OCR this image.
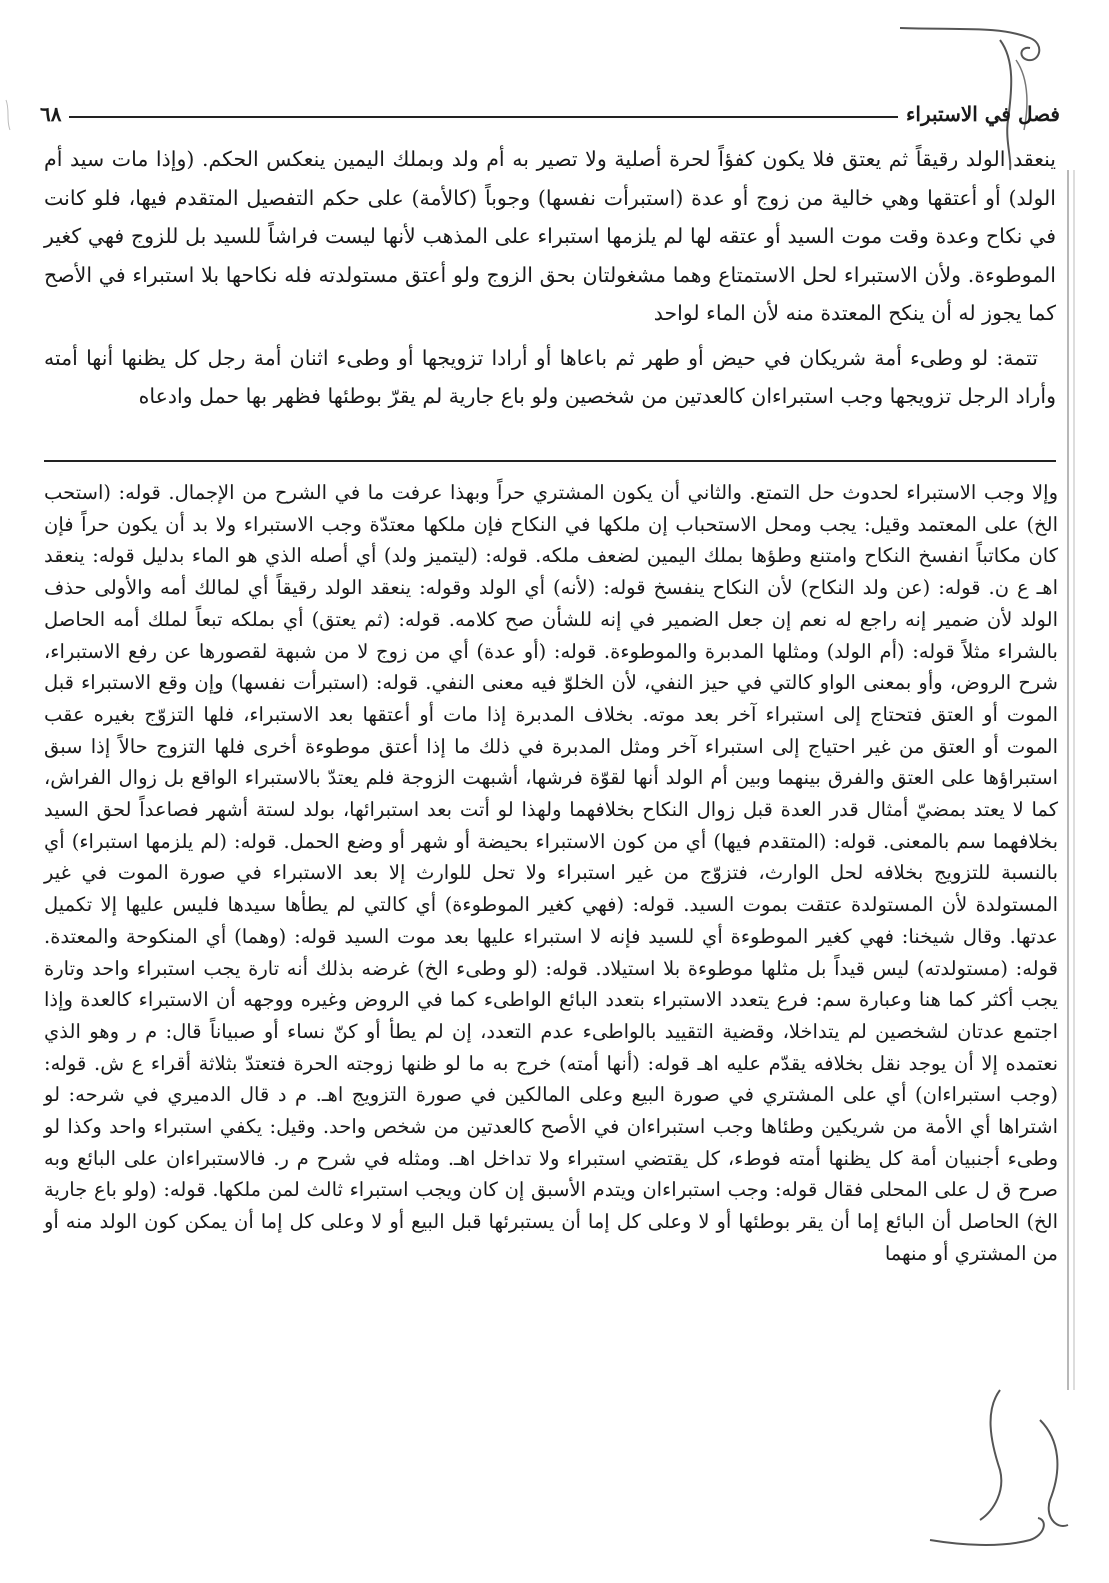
٦٨	فصل في الاستبراء

ينعقد الولد رقيقاً ثم يعتق فلا يكون كفؤاً لحرة أصلية ولا تصير به أم ولد وبملك اليمين ينعكس الحكم. (وإذا مات سيد أم الولد) أو أعتقها وهي خالية من زوج أو عدة (استبرأت نفسها) وجوباً (كالأمة) على حكم التفصيل المتقدم فيها، فلو كانت في نكاح وعدة وقت موت السيد أو عتقه لها لم يلزمها استبراء على المذهب لأنها ليست فراشاً للسيد بل للزوج فهي كغير الموطوءة. ولأن الاستبراء لحل الاستمتاع وهما مشغولتان بحق الزوج ولو أعتق مستولدته فله نكاحها بلا استبراء في الأصح كما يجوز له أن ينكح المعتدة منه لأن الماء لواحد

تتمة: لو وطىء أمة شريكان في حيض أو طهر ثم باعاها أو أرادا تزويجها أو وطىء اثنان أمة رجل كل يظنها أنها أمته وأراد الرجل تزويجها وجب استبراءان كالعدتين من شخصين ولو باع جارية لم يقرّ بوطئها فظهر بها حمل وادعاه

وإلا وجب الاستبراء لحدوث حل التمتع. والثاني أن يكون المشتري حراً وبهذا عرفت ما في الشرح من الإجمال. قوله: (استحب الخ) على المعتمد وقيل: يجب ومحل الاستحباب إن ملكها في النكاح فإن ملكها معتدّة وجب الاستبراء ولا بد أن يكون حراً فإن كان مكاتباً انفسخ النكاح وامتنع وطؤها بملك اليمين لضعف ملكه. قوله: (ليتميز ولد) أي أصله الذي هو الماء بدليل قوله: ينعقد اهـ ع ن. قوله: (عن ولد النكاح) لأن النكاح ينفسخ قوله: (لأنه) أي الولد وقوله: ينعقد الولد رقيقاً أي لمالك أمه والأولى حذف الولد لأن ضمير إنه راجع له نعم إن جعل الضمير في إنه للشأن صح كلامه. قوله: (ثم يعتق) أي بملكه تبعاً لملك أمه الحاصل بالشراء مثلاً قوله: (أم الولد) ومثلها المدبرة والموطوءة. قوله: (أو عدة) أي من زوج لا من شبهة لقصورها عن رفع الاستبراء، شرح الروض، وأو بمعنى الواو كالتي في حيز النفي، لأن الخلوّ فيه معنى النفي. قوله: (استبرأت نفسها) وإن وقع الاستبراء قبل الموت أو العتق فتحتاج إلى استبراء آخر بعد موته. بخلاف المدبرة إذا مات أو أعتقها بعد الاستبراء، فلها التزوّج بغيره عقب الموت أو العتق من غير احتياج إلى استبراء آخر ومثل المدبرة في ذلك ما إذا أعتق موطوءة أخرى فلها التزوج حالاً إذا سبق استبراؤها على العتق والفرق بينهما وبين أم الولد أنها لقوّة فرشها، أشبهت الزوجة فلم يعتدّ بالاستبراء الواقع بل زوال الفراش، كما لا يعتد بمضيّ أمثال قدر العدة قبل زوال النكاح بخلافهما ولهذا لو أتت بعد استبرائها، بولد لستة أشهر فصاعداً لحق السيد بخلافهما سم بالمعنى. قوله: (المتقدم فيها) أي من كون الاستبراء بحيضة أو شهر أو وضع الحمل. قوله: (لم يلزمها استبراء) أي بالنسبة للتزويج بخلافه لحل الوارث، فتزوّج من غير استبراء ولا تحل للوارث إلا بعد الاستبراء في صورة الموت في غير المستولدة لأن المستولدة عتقت بموت السيد. قوله: (فهي كغير الموطوءة) أي كالتي لم يطأها سيدها فليس عليها إلا تكميل عدتها. وقال شيخنا: فهي كغير الموطوءة أي للسيد فإنه لا استبراء عليها بعد موت السيد قوله: (وهما) أي المنكوحة والمعتدة. قوله: (مستولدته) ليس قيداً بل مثلها موطوءة بلا استيلاد. قوله: (لو وطىء الخ) غرضه بذلك أنه تارة يجب استبراء واحد وتارة يجب أكثر كما هنا وعبارة سم: فرع يتعدد الاستبراء بتعدد البائع الواطىء كما في الروض وغيره ووجهه أن الاستبراء كالعدة وإذا اجتمع عدتان لشخصين لم يتداخلا، وقضية التقييد بالواطىء عدم التعدد، إن لم يطأ أو كنّ نساء أو صبياناً قال: م ر وهو الذي نعتمده إلا أن يوجد نقل بخلافه يقدّم عليه اهـ قوله: (أنها أمته) خرج به ما لو ظنها زوجته الحرة فتعتدّ بثلاثة أقراء ع ش. قوله: (وجب استبراءان) أي على المشتري في صورة البيع وعلى المالكين في صورة التزويج اهـ. م د قال الدميري في شرحه: لو اشتراها أي الأمة من شريكين وطئاها وجب استبراءان في الأصح كالعدتين من شخص واحد. وقيل: يكفي استبراء واحد وكذا لو وطىء أجنبيان أمة كل يظنها أمته فوطء، كل يقتضي استبراء ولا تداخل اهـ. ومثله في شرح م ر. فالاستبراءان على البائع وبه صرح ق ل على المحلى فقال قوله: وجب استبراءان ويتدم الأسبق إن كان ويجب استبراء ثالث لمن ملكها. قوله: (ولو باع جارية الخ) الحاصل أن البائع إما أن يقر بوطئها أو لا وعلى كل إما أن يستبرئها قبل البيع أو لا وعلى كل إما أن يمكن كون الولد منه أو من المشتري أو منهما
